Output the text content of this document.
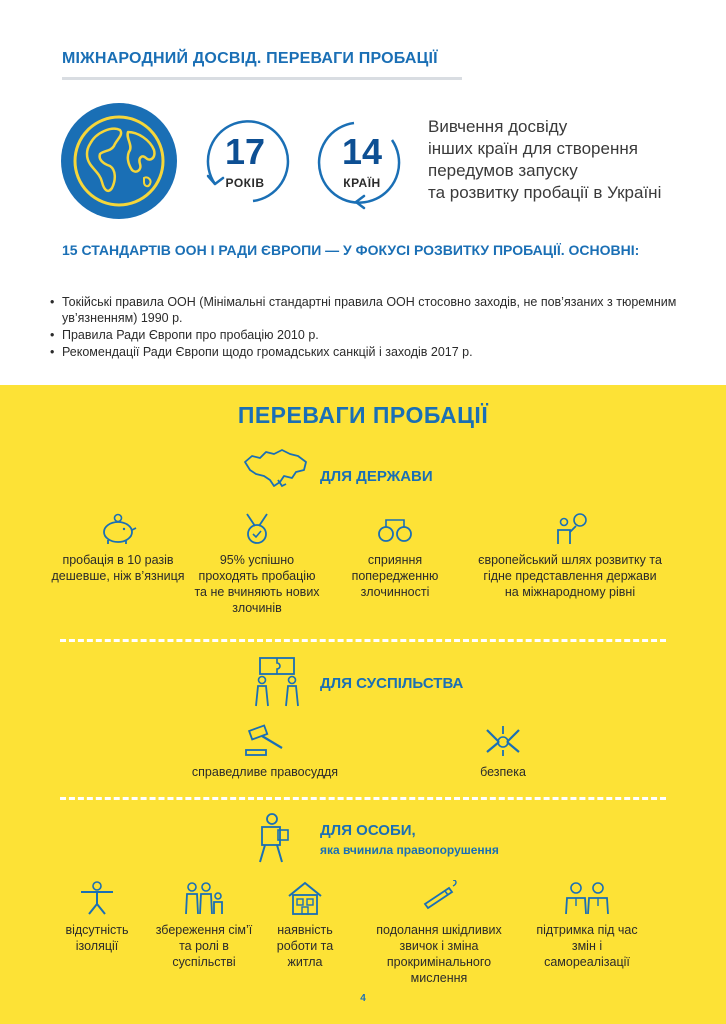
МІЖНАРОДНИЙ ДОСВІД. ПЕРЕВАГИ ПРОБАЦІЇ
17
РОКІВ
14
КРАЇН
Вивчення досвіду
інших країн для створення
передумов запуску
та розвитку пробації в Україні
15 СТАНДАРТІВ ООН І РАДИ ЄВРОПИ — У ФОКУСІ РОЗВИТКУ ПРОБАЦІЇ. ОСНОВНІ:
• Токійські правила ООН (Мінімальні стандартні правила ООН стосовно заходів, не пов’язаних з тюремним ув’язненням) 1990 р.
• Правила Ради Європи про пробацію 2010 р.
• Рекомендації Ради Європи щодо громадських санкцій і заходів 2017 р.
ПЕРЕВАГИ ПРОБАЦІЇ
ДЛЯ ДЕРЖАВИ
пробація в 10 разів дешевше, ніж в’язниця
95% успішно проходять пробацію та не вчиняють нових злочинів
сприяння попередженню злочинності
європейський шлях розвитку та гідне представлення держави на міжнародному рівні
ДЛЯ СУСПІЛЬСТВА
справедливе правосуддя	безпека
ДЛЯ ОСОБИ,
яка вчинила правопорушення
відсутність ізоляції
збереження сім’ї та ролі в суспільстві
наявність роботи та житла
подолання шкідливих звичок і зміна прокримінального мислення
підтримка під час змін і самореалізації
4
